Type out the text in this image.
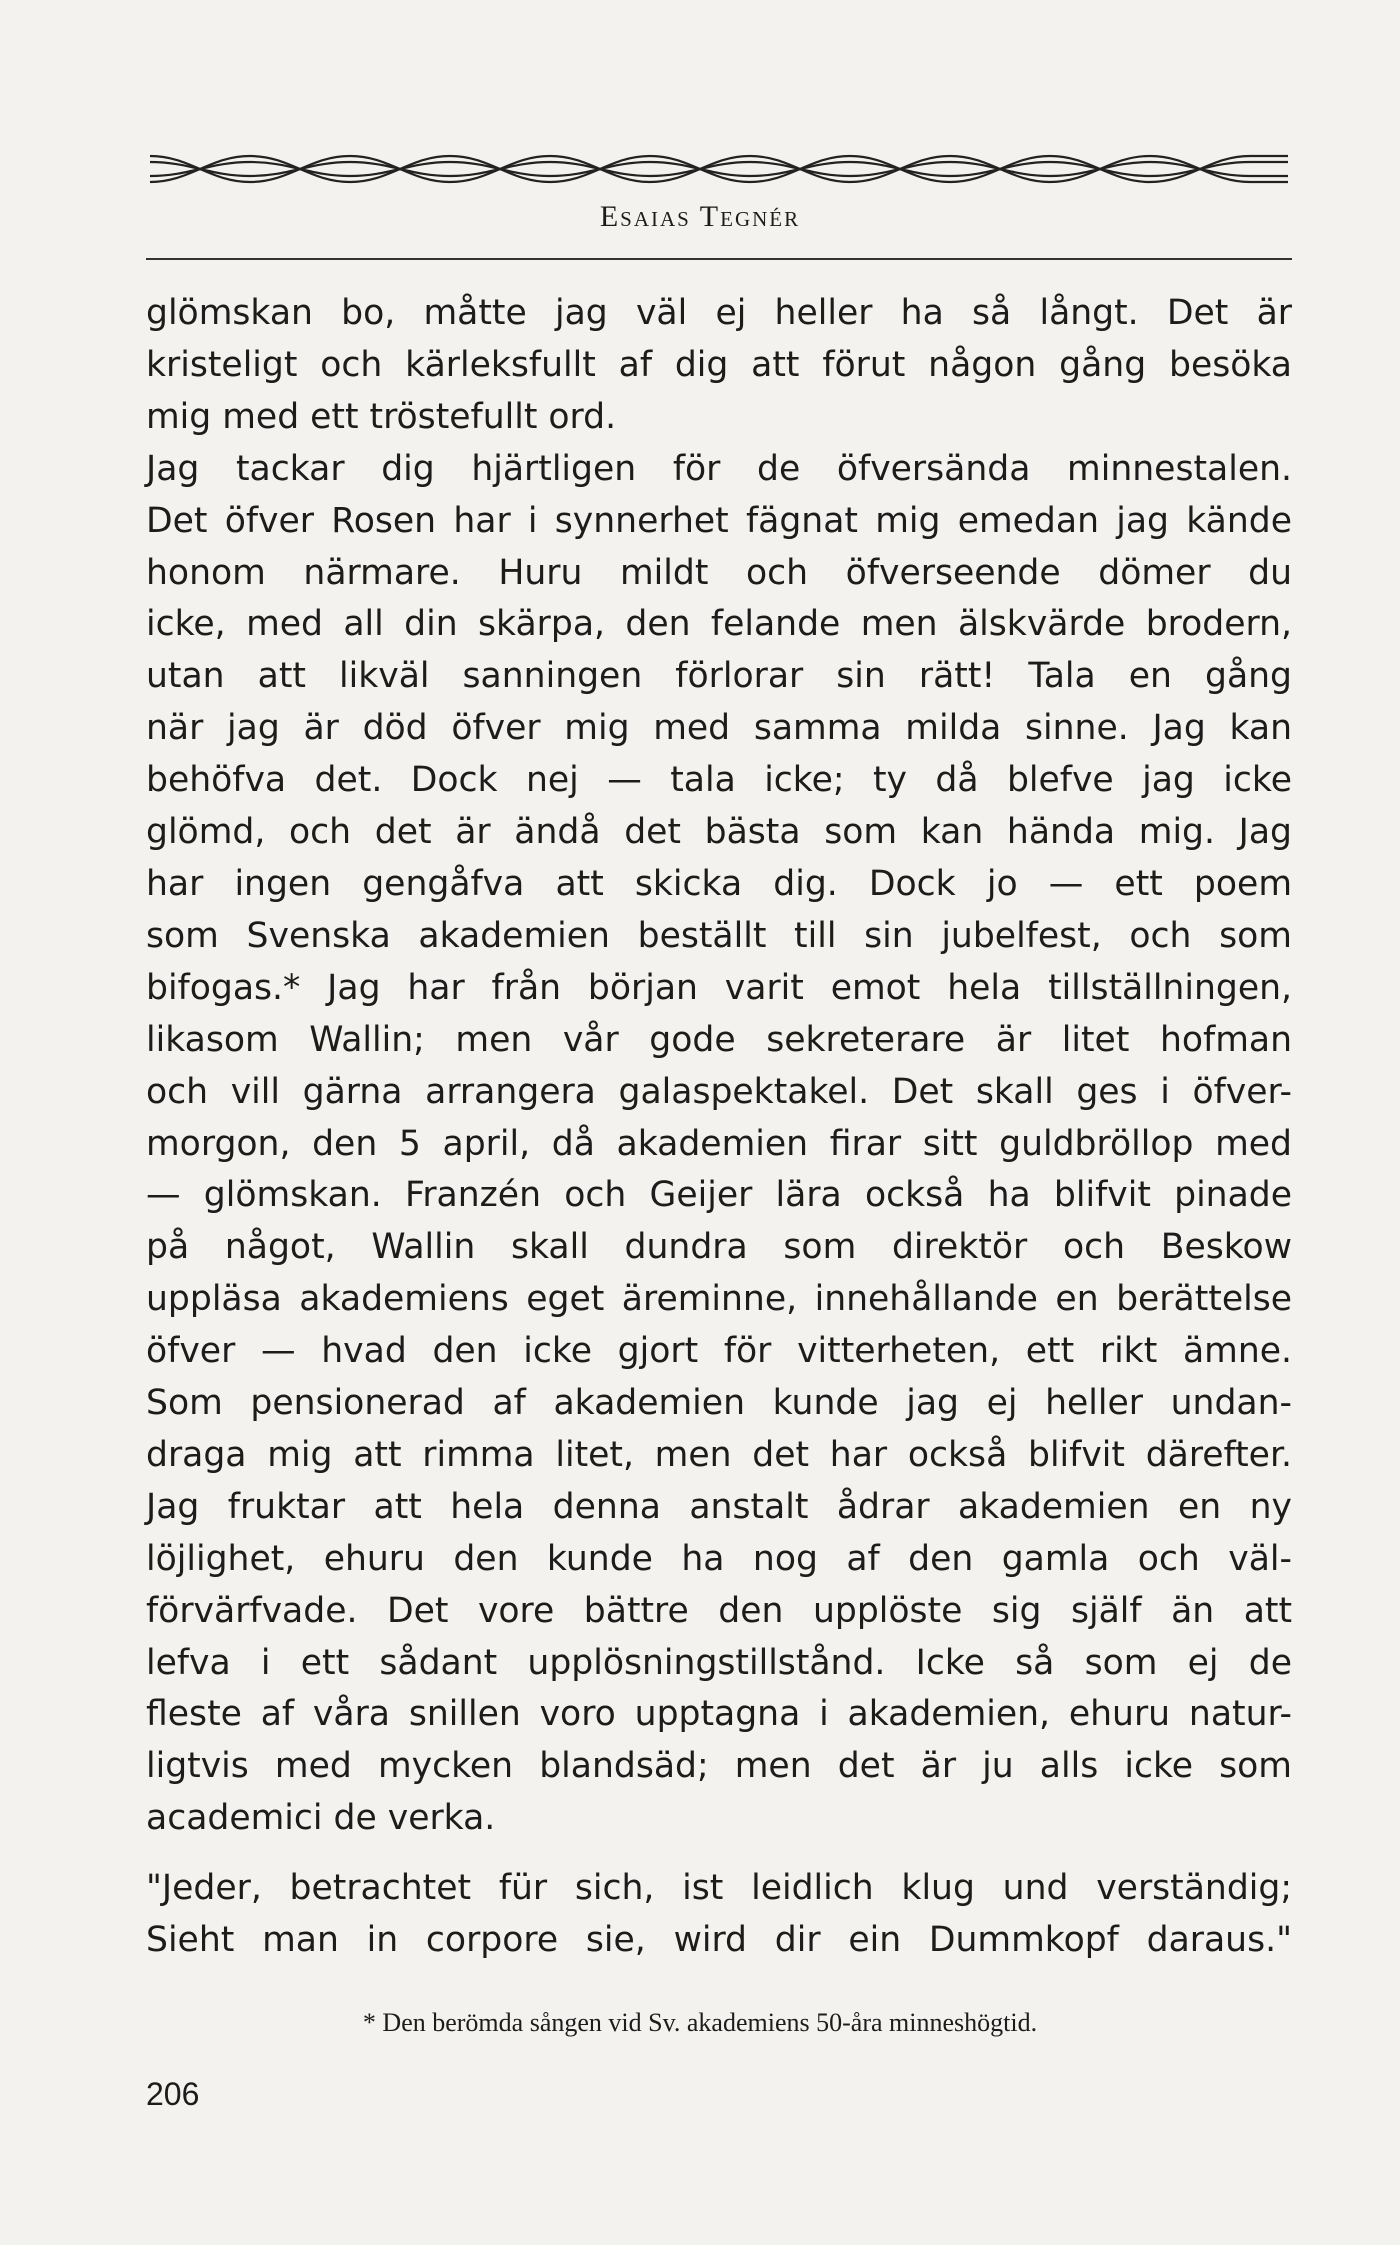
Esaias Tegnér
glömskan bo, måtte jag väl ej heller ha så långt. Det är
kristeligt och kärleksfullt af dig att förut någon gång besöka
mig med ett tröstefullt ord.
Jag tackar dig hjärtligen för de öfversända minnestalen.
Det öfver Rosen har i synnerhet fägnat mig emedan jag kände
honom närmare. Huru mildt och öfverseende dömer du
icke, med all din skärpa, den felande men älskvärde brodern,
utan att likväl sanningen förlorar sin rätt! Tala en gång
när jag är död öfver mig med samma milda sinne. Jag kan
behöfva det. Dock nej — tala icke; ty då blefve jag icke
glömd, och det är ändå det bästa som kan hända mig. Jag
har ingen gengåfva att skicka dig. Dock jo — ett poem
som Svenska akademien beställt till sin jubelfest, och som
bifogas.* Jag har från början varit emot hela tillställningen,
likasom Wallin; men vår gode sekreterare är litet hofman
och vill gärna arrangera galaspektakel. Det skall ges i öfver-
morgon, den 5 april, då akademien firar sitt guldbröllop med
— glömskan. Franzén och Geijer lära också ha blifvit pinade
på något, Wallin skall dundra som direktör och Beskow
uppläsa akademiens eget äreminne, innehållande en berättelse
öfver — hvad den icke gjort för vitterheten, ett rikt ämne.
Som pensionerad af akademien kunde jag ej heller undan-
draga mig att rimma litet, men det har också blifvit därefter.
Jag fruktar att hela denna anstalt ådrar akademien en ny
löjlighet, ehuru den kunde ha nog af den gamla och väl-
förvärfvade. Det vore bättre den upplöste sig själf än att
lefva i ett sådant upplösningstillstånd. Icke så som ej de
fleste af våra snillen voro upptagna i akademien, ehuru natur-
ligtvis med mycken blandsäd; men det är ju alls icke som
academici de verka.
"Jeder, betrachtet für sich, ist leidlich klug und verständig;
Sieht man in corpore sie, wird dir ein Dummkopf daraus."
* Den berömda sången vid Sv. akademiens 50-åra minneshögtid.
206
